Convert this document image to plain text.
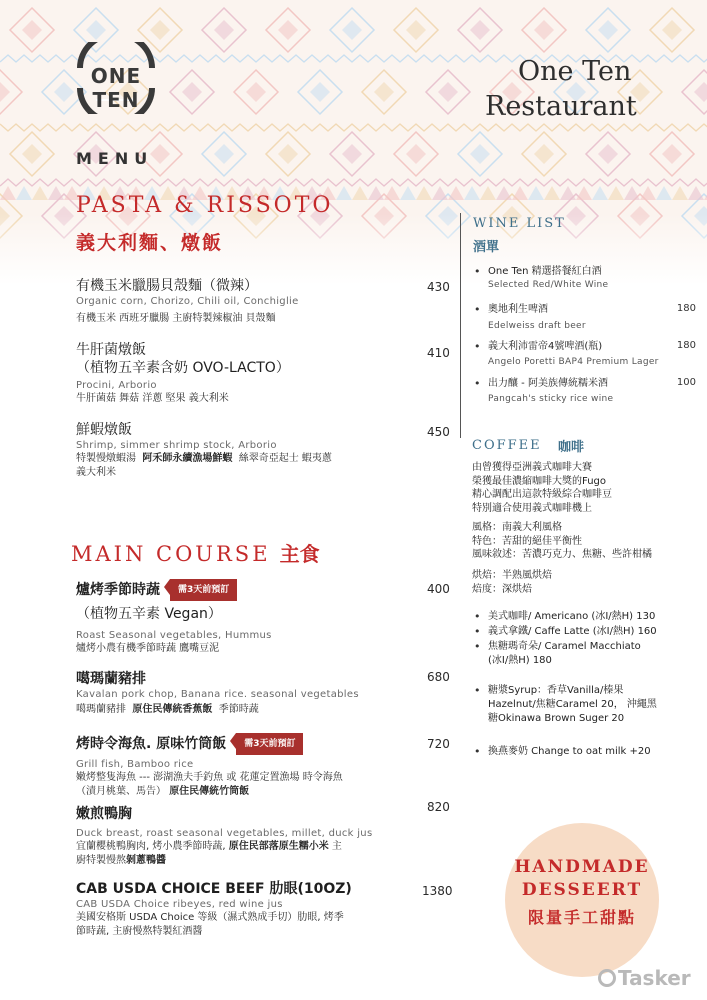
ONE TEN
One Ten
Restaurant
MENU
PASTA & RISSOTO
義大利麵、燉飯
有機玉米臘腸貝殼麵（微辣）
Organic corn, Chorizo, Chili oil, Conchiglie
有機玉米 西班牙臘腸 主廚特製辣椒油 貝殼麵
430
牛肝菌燉飯
（植物五辛素含奶 OVO-LACTO）
Procini, Arborio
牛肝菌菇 舞菇 洋蔥 堅果 義大利米
410
鮮蝦燉飯
Shrimp, simmer shrimp stock, Arborio
特製慢燉蝦湯 阿禾師永續漁場鮮蝦 絲翠奇亞起士 蝦夷蔥
義大利米
450
MAIN COURSE 主食
爐烤季節時蔬 需3天前預訂
（植物五辛素 Vegan）
Roast Seasonal vegetables, Hummus
爐烤小農有機季節時蔬 鷹嘴豆泥
400
噶瑪蘭豬排
Kavalan pork chop, Banana rice. seasonal vegetables
噶瑪蘭豬排 原住民傳統香蕉飯 季節時蔬
680
烤時令海魚. 原味竹筒飯 需3天前預訂
Grill fish, Bamboo rice
嫩烤整隻海魚 --- 澎湖漁夫手釣魚 或 花蓮定置漁場 時令海魚
（漬月桃葉、馬告） 原住民傳統竹筒飯
720
嫩煎鴨胸
Duck breast, roast seasonal vegetables, millet, duck jus
宜蘭櫻桃鴨胸肉, 烤小農季節時蔬, 原住民部落原生糯小米 主
廚特製慢熬剝蔥鴨醬
820
CAB USDA CHOICE BEEF 肋眼(10OZ)
CAB USDA Choice ribeyes, red wine jus
美國安格斯 USDA Choice 等級（濕式熟成手切）肋眼, 烤季
節時蔬, 主廚慢熬特製紅酒醬
1380
WINE LIST
酒單
• One Ten 精選搭餐紅白酒
Selected Red/White Wine
• 奧地利生啤酒
Edelweiss draft beer
180
• 義大利沛雷帝4號啤酒(瓶)
Angelo Poretti BAP4 Premium Lager
180
• 出力釀 - 阿美族傳統糯米酒
Pangcah's sticky rice wine
100
COFFEE 咖啡
由曾獲得亞洲義式咖啡大賽
榮獲最佳濃縮咖啡大獎的Fugo
精心調配出這款特級綜合咖啡豆
特別適合使用義式咖啡機上
風格：南義大利風格
特色：苦甜的絕佳平衡性
風味敘述：苦濃巧克力、焦糖、些許柑橘
烘焙：半熟風烘焙
焙度：深烘焙
• 美式咖啡/ Americano (冰I/熱H) 130
• 義式拿鐵/ Caffe Latte (冰I/熱H) 160
• 焦糖瑪奇朵/ Caramel Macchiato
(冰I/熱H) 180
• 糖漿Syrup：香草Vanilla/榛果
Hazelnut/焦糖Caramel 20， 沖繩黑
糖Okinawa Brown Suger 20
• 換燕麥奶 Change to oat milk +20
HANDMADE
DESSEERT
限量手工甜點
Tasker
